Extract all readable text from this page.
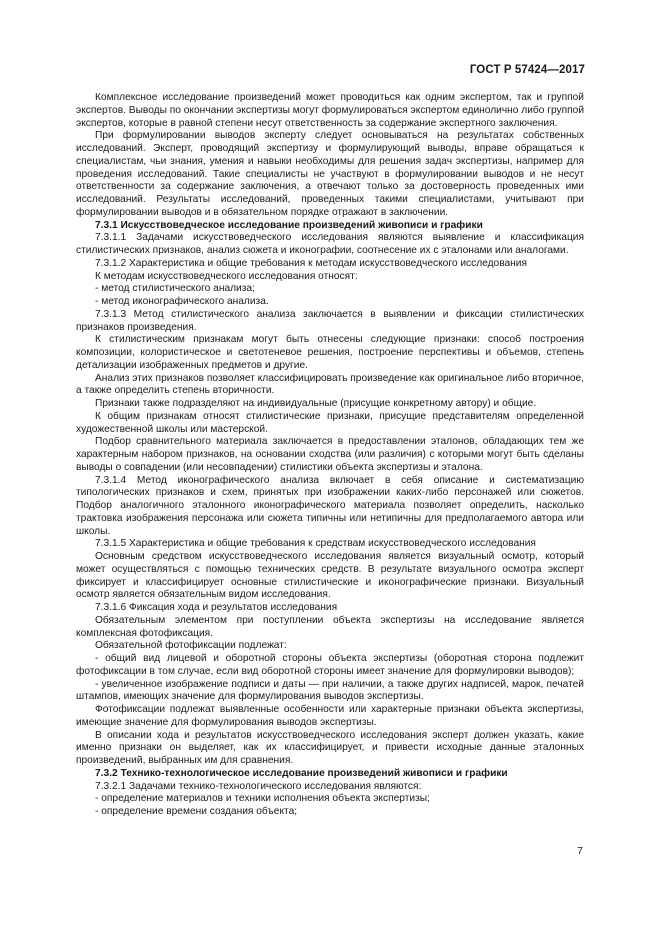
ГОСТ Р 57424—2017

Комплексное исследование произведений может проводиться как одним экспертом, так и группой экспертов. Выводы по окончании экспертизы могут формулироваться экспертом единолично либо группой экспертов, которые в равной степени несут ответственность за содержание экспертного заключения.

При формулировании выводов эксперту следует основываться на результатах собственных исследований. Эксперт, проводящий экспертизу и формулирующий выводы, вправе обращаться к специалистам, чьи знания, умения и навыки необходимы для решения задач экспертизы, например для проведения исследований. Такие специалисты не участвуют в формулировании выводов и не несут ответственности за содержание заключения, а отвечают только за достоверность проведенных ими исследований. Результаты исследований, проведенных такими специалистами, учитывают при формулировании выводов и в обязательном порядке отражают в заключении.

7.3.1 Искусствоведческое исследование произведений живописи и графики

7.3.1.1 Задачами искусствоведческого исследования являются выявление и классификация стилистических признаков, анализ сюжета и иконографии, соотнесение их с эталонами или аналогами.

7.3.1.2 Характеристика и общие требования к методам искусствоведческого исследования

К методам искусствоведческого исследования относят:

- метод стилистического анализа;

- метод иконографического анализа.

7.3.1.3 Метод стилистического анализа заключается в выявлении и фиксации стилистических признаков произведения.

К стилистическим признакам могут быть отнесены следующие признаки: способ построения композиции, колористическое и светотеневое решения, построение перспективы и объемов, степень детализации изображенных предметов и другие.

Анализ этих признаков позволяет классифицировать произведение как оригинальное либо вторичное, а также определить степень вторичности.

Признаки также подразделяют на индивидуальные (присущие конкретному автору) и общие.

К общим признакам относят стилистические признаки, присущие представителям определенной художественной школы или мастерской.

Подбор сравнительного материала заключается в предоставлении эталонов, обладающих тем же характерным набором признаков, на основании сходства (или различия) с которыми могут быть сделаны выводы о совпадении (или несовпадении) стилистики объекта экспертизы и эталона.

7.3.1.4 Метод иконографического анализа включает в себя описание и систематизацию типологических признаков и схем, принятых при изображении каких-либо персонажей или сюжетов. Подбор аналогичного эталонного иконографического материала позволяет определить, насколько трактовка изображения персонажа или сюжета типичны или нетипичны для предполагаемого автора или школы.

7.3.1.5 Характеристика и общие требования к средствам искусствоведческого исследования

Основным средством искусствоведческого исследования является визуальный осмотр, который может осуществляться с помощью технических средств. В результате визуального осмотра эксперт фиксирует и классифицирует основные стилистические и иконографические признаки. Визуальный осмотр является обязательным видом исследования.

7.3.1.6 Фиксация хода и результатов исследования

Обязательным элементом при поступлении объекта экспертизы на исследование является комплексная фотофиксация.

Обязательной фотофиксации подлежат:

- общий вид лицевой и оборотной стороны объекта экспертизы (оборотная сторона подлежит фотофиксации в том случае, если вид оборотной стороны имеет значение для формулировки выводов);

- увеличенное изображение подписи и даты — при наличии, а также других надписей, марок, печатей штампов, имеющих значение для формулирования выводов экспертизы.

Фотофиксации подлежат выявленные особенности или характерные признаки объекта экспертизы, имеющие значение для формулирования выводов экспертизы.

В описании хода и результатов искусствоведческого исследования эксперт должен указать, какие именно признаки он выделяет, как их классифицирует, и привести исходные данные эталонных произведений, выбранных им для сравнения.

7.3.2 Технико-технологическое исследование произведений живописи и графики

7.3.2.1 Задачами технико-технологического исследования являются:

- определение материалов и техники исполнения объекта экспертизы;

- определение времени создания объекта;

7
